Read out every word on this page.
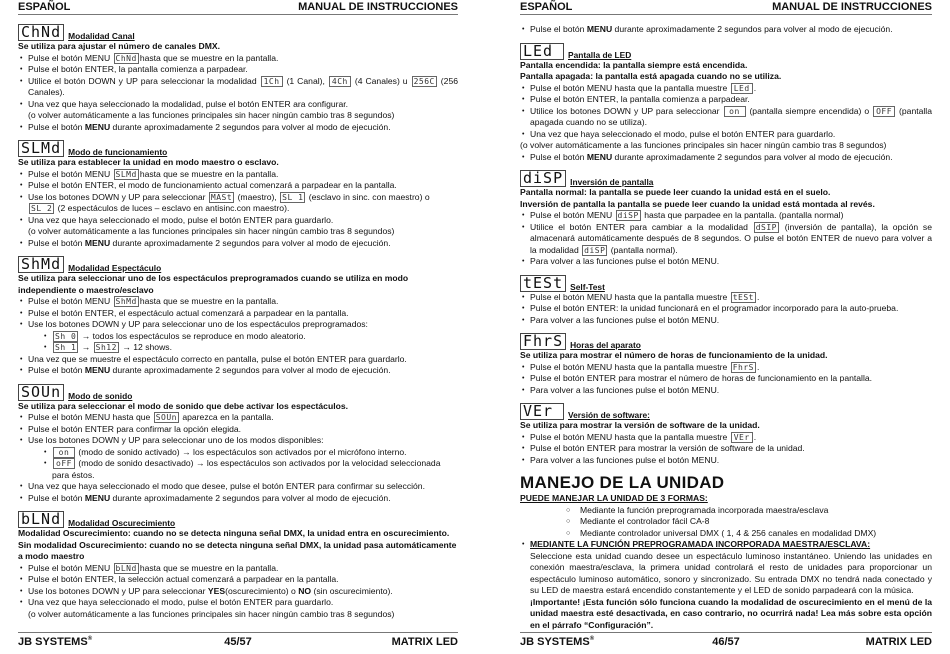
ESPAÑOL	MANUAL DE INSTRUCCIONES
ChNd Modalidad Canal
Se utiliza para ajustar el número de canales DMX.
• Pulse el botón MENU ChNd hasta que se muestre en la pantalla.
• Pulse el botón ENTER, la pantalla comienza a parpadear.
• Utilice el botón DOWN y UP para seleccionar la modalidad 1Ch (1 Canal), 4Ch (4 Canales) u 256C (256 Canales).
• Una vez que haya seleccionado la modalidad, pulse el botón ENTER ara configurar.
(o volver automáticamente a las funciones principales sin hacer ningún cambio tras 8 segundos)
• Pulse el botón MENU durante aproximadamente 2 segundos para volver al modo de ejecución.
SLMd Modo de funcionamiento
Se utiliza para establecer la unidad en modo maestro o esclavo.
• Pulse el botón MENU SLMd hasta que se muestre en la pantalla.
• Pulse el botón ENTER, el modo de funcionamiento actual comenzará a parpadear en la pantalla.
• Use los botones DOWN y UP para seleccionar MASt (maestro), SL 1 (esclavo in sinc. con maestro) o SL 2 (2 espectáculos de luces – esclavo en antisinc.con maestro).
• Una vez que haya seleccionado el modo, pulse el botón ENTER para guardarlo.
(o volver automáticamente a las funciones principales sin hacer ningún cambio tras 8 segundos)
• Pulse el botón MENU durante aproximadamente 2 segundos para volver al modo de ejecución.
ShMd Modalidad Espectáculo
Se utiliza para seleccionar uno de los espectáculos preprogramados cuando se utiliza en modo independiente o maestro/esclavo
• Pulse el botón MENU ShMd hasta que se muestre en la pantalla.
• Pulse el botón ENTER, el espectáculo actual comenzará a parpadear en la pantalla.
• Use los botones DOWN y UP para seleccionar uno de los espectáculos preprogramados:
• Sh 0 → todos los espectáculos se reproduce en modo aleatorio.
• Sh 1 → Sh12 → 12 shows.
• Una vez que se muestre el espectáculo correcto en pantalla, pulse el botón ENTER para guardarlo.
• Pulse el botón MENU durante aproximadamente 2 segundos para volver al modo de ejecución.
SOUn Modo de sonido
Se utiliza para seleccionar el modo de sonido que debe activar los espectáculos.
• Pulse el botón MENU hasta que SOUn aparezca en la pantalla.
• Pulse el botón ENTER para confirmar la opción elegida.
• Use los botones DOWN y UP para seleccionar uno de los modos disponibles:
• on (modo de sonido activado) → los espectáculos son activados por el micrófono interno.
• oFF (modo de sonido desactivado) → los espectáculos son activados por la velocidad seleccionada para éstos.
• Una vez que haya seleccionado el modo que desee, pulse el botón ENTER para confirmar su selección.
• Pulse el botón MENU durante aproximadamente 2 segundos para volver al modo de ejecución.
bLNd Modalidad Oscurecimiento
Modalidad Oscurecimiento: cuando no se detecta ninguna señal DMX, la unidad entra en oscurecimiento.
Sin modalidad Oscurecimiento: cuando no se detecta ninguna señal DMX, la unidad pasa automáticamente a modo maestro
• Pulse el botón MENU bLNd hasta que se muestre en la pantalla.
• Pulse el botón ENTER, la selección actual comenzará a parpadear en la pantalla.
• Use los botones DOWN y UP para seleccionar YES(oscurecimiento) o NO (sin oscurecimiento).
• Una vez que haya seleccionado el modo, pulse el botón ENTER para guardarlo.
(o volver automáticamente a las funciones principales sin hacer ningún cambio tras 8 segundos)
JB SYSTEMS®	45/57	MATRIX LED
ESPAÑOL	MANUAL DE INSTRUCCIONES
• Pulse el botón MENU durante aproximadamente 2 segundos para volver al modo de ejecución.
LEd	Pantalla de LED
Pantalla encendida: la pantalla siempre está encendida.
Pantalla apagada: la pantalla está apagada cuando no se utiliza.
• Pulse el botón MENU hasta que la pantalla muestre LEd .
• Pulse el botón ENTER, la pantalla comienza a parpadear.
• Utilice los botones DOWN y UP para seleccionar on (pantalla siempre encendida) o OFF (pantalla apagada cuando no se utiliza).
• Una vez que haya seleccionado el modo, pulse el botón ENTER para guardarlo.
(o volver automáticamente a las funciones principales sin hacer ningún cambio tras 8 segundos)
• Pulse el botón MENU durante aproximadamente 2 segundos para volver al modo de ejecución.
diSP Inversión de pantalla
Pantalla normal: la pantalla se puede leer cuando la unidad está en el suelo.
Inversión de pantalla la pantalla se puede leer cuando la unidad está montada al revés.
• Pulse el botón MENU diSP hasta que parpadee en la pantalla. (pantalla normal)
• Utilice el botón ENTER para cambiar a la modalidad dSIP (inversión de pantalla), la opción se almacenará automáticamente después de 8 segundos. O pulse el botón ENTER de nuevo para volver a la modalidad diSP (pantalla normal).
• Para volver a las funciones pulse el botón MENU.
tESt Self-Test
• Pulse el botón MENU hasta que la pantalla muestre tESt .
• Pulse el botón ENTER: la unidad funcionará en el programador incorporado para la auto-prueba.
• Para volver a las funciones pulse el botón MENU.
FhrS Horas del aparato
Se utiliza para mostrar el número de horas de funcionamiento de la unidad.
• Pulse el botón MENU hasta que la pantalla muestre FhrS .
• Pulse el botón ENTER para mostrar el número de horas de funcionamiento en la pantalla.
• Para volver a las funciones pulse el botón MENU.
VEr	Versión de software:
Se utiliza para mostrar la versión de software de la unidad.
• Pulse el botón MENU hasta que la pantalla muestre VEr .
• Pulse el botón ENTER para mostrar la versión de software de la unidad.
• Para volver a las funciones pulse el botón MENU.
MANEJO DE LA UNIDAD
PUEDE MANEJAR LA UNIDAD DE 3 FORMAS:
○ Mediante la función preprogramada incorporada maestra/esclava
○ Mediante el controlador fácil CA-8
○ Mediante controlador universal DMX ( 1, 4 & 256 canales en modalidad DMX)
• MEDIANTE LA FUNCIÓN PREPROGRAMADA INCORPORADA MAESTRA/ESCLAVA:
Seleccione esta unidad cuando desee un espectáculo luminoso instantáneo. Uniendo las unidades en conexión maestra/esclava, la primera unidad controlará el resto de unidades para proporcionar un espectáculo luminoso automático, sonoro y sincronizado. Su entrada DMX no tendrá nada conectado y su LED de maestra estará encendido constantemente y el LED de sonido parpadeará con la música.
¡Importante! ¡Esta función sólo funciona cuando la modalidad de oscurecimiento en el menú de la unidad maestra esté desactivada, en caso contrario, no ocurrirá nada! Lea más sobre esta opción en el párrafo “Configuración”.
JB SYSTEMS®	46/57	MATRIX LED
